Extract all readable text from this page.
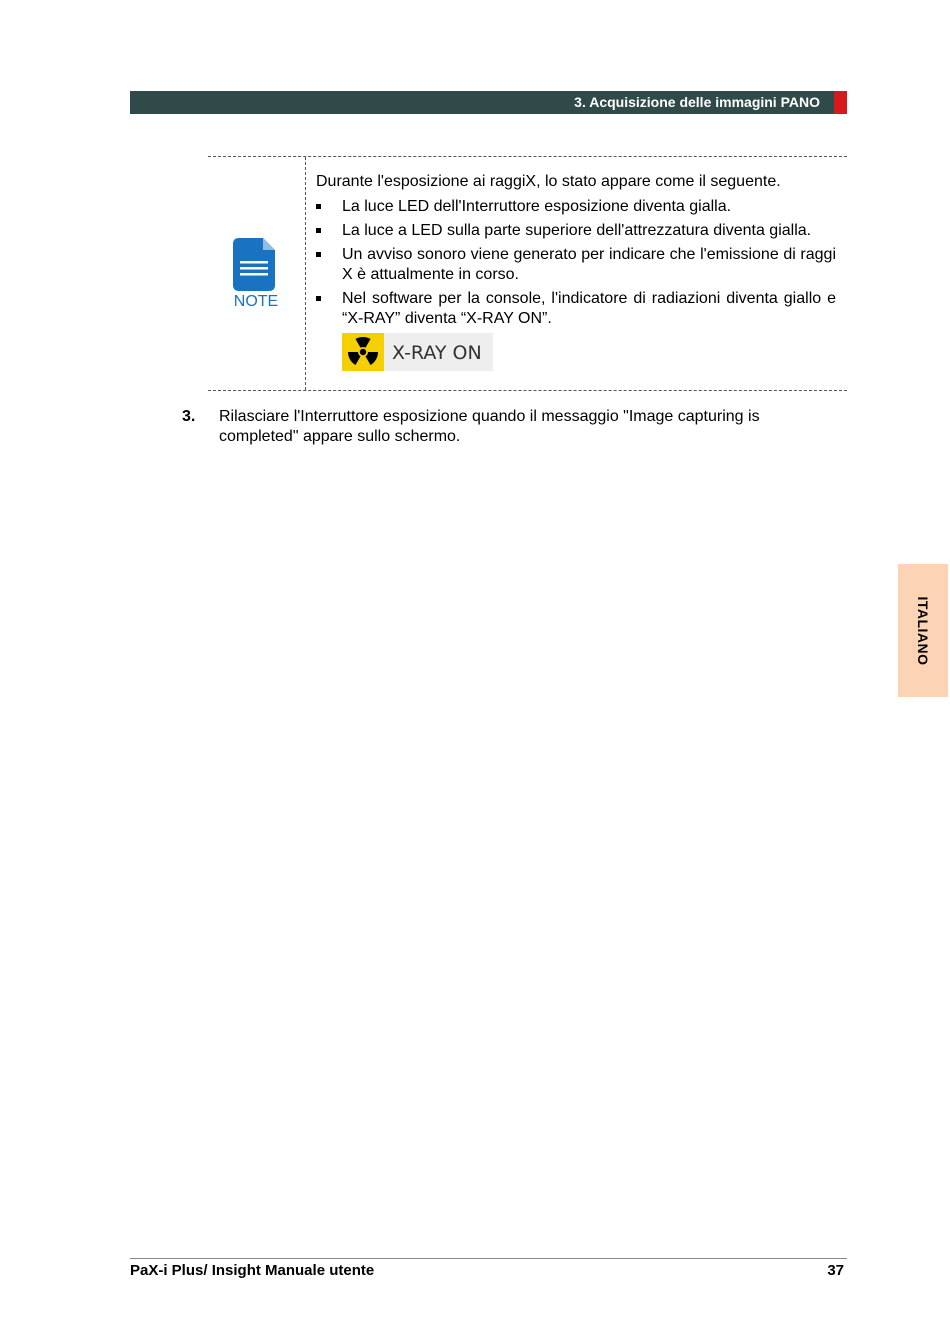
3. Acquisizione delle immagini PANO
NOTE

Durante l'esposizione ai raggiX, lo stato appare come il seguente.

La luce LED dell'Interruttore esposizione diventa gialla.
La luce a LED sulla parte superiore dell'attrezzatura diventa gialla.
Un avviso sonoro viene generato per indicare che l'emissione di raggi X è attualmente in corso.
Nel software per la console, l'indicatore di radiazioni diventa giallo e “X-RAY” diventa “X-RAY ON”.
X-RAY ON
3. Rilasciare l'Interruttore esposizione quando il messaggio "Image capturing is completed" appare sullo schermo.
ITALIANO
PaX-i Plus/ Insight Manuale utente	37
